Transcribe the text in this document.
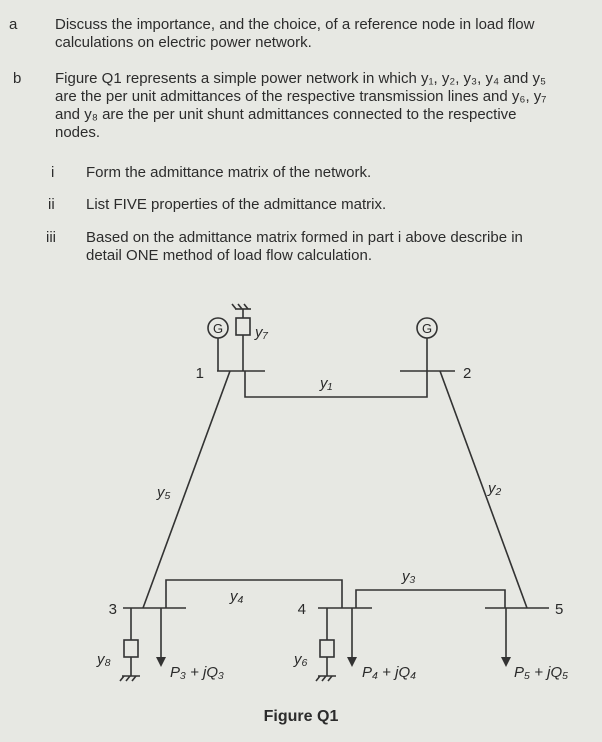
a	Discuss the importance, and the choice, of a reference node in load flow
calculations on electric power network.
b Figure Q1 represents a simple power network in which y₁, y₂, y₃, y₄ and y₅
are the per unit admittances of the respective transmission lines and y₆, y₇
and y₈ are the per unit shunt admittances connected to the respective
nodes.
i Form the admittance matrix of the network.
ii List FIVE properties of the admittance matrix.
iii Based on the admittance matrix formed in part i above describe in
detail ONE method of load flow calculation.
G	G
1	2
3	4	5
y₁
y₂
y₃
y₄
y₅
y₆
y₇
y₈
P₃ + jQ₃	P₄ + jQ₄	P₅ + jQ₅
Figure Q1
